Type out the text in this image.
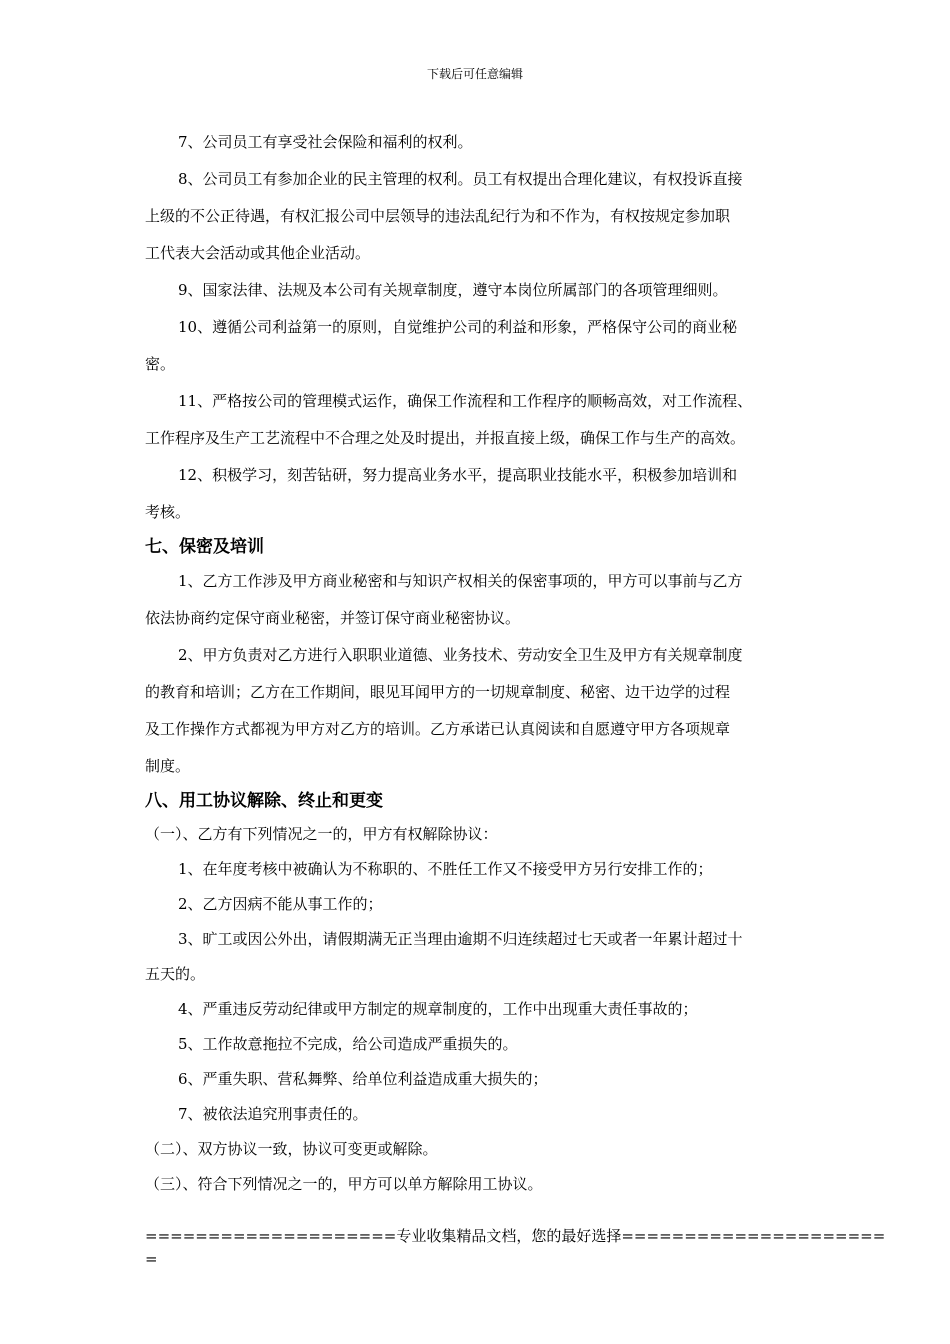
下载后可任意编辑

7、公司员工有享受社会保险和福利的权利。

8、公司员工有参加企业的民主管理的权利。员工有权提出合理化建议，有权投诉直接

上级的不公正待遇，有权汇报公司中层领导的违法乱纪行为和不作为，有权按规定参加职

工代表大会活动或其他企业活动。

9、国家法律、法规及本公司有关规章制度，遵守本岗位所属部门的各项管理细则。

10、遵循公司利益第一的原则，自觉维护公司的利益和形象，严格保守公司的商业秘

密。

11、严格按公司的管理模式运作，确保工作流程和工作程序的顺畅高效，对工作流程、

工作程序及生产工艺流程中不合理之处及时提出，并报直接上级，确保工作与生产的高效。

12、积极学习，刻苦钻研，努力提高业务水平，提高职业技能水平，积极参加培训和

考核。

七、保密及培训

1、乙方工作涉及甲方商业秘密和与知识产权相关的保密事项的，甲方可以事前与乙方

依法协商约定保守商业秘密，并签订保守商业秘密协议。

2、甲方负责对乙方进行入职职业道德、业务技术、劳动安全卫生及甲方有关规章制度

的教育和培训；乙方在工作期间，眼见耳闻甲方的一切规章制度、秘密、边干边学的过程

及工作操作方式都视为甲方对乙方的培训。乙方承诺已认真阅读和自愿遵守甲方各项规章

制度。

八、用工协议解除、终止和更变

（一）、乙方有下列情况之一的，甲方有权解除协议：

1、在年度考核中被确认为不称职的、不胜任工作又不接受甲方另行安排工作的；

2、乙方因病不能从事工作的；

3、旷工或因公外出，请假期满无正当理由逾期不归连续超过七天或者一年累计超过十

五天的。

4、严重违反劳动纪律或甲方制定的规章制度的，工作中出现重大责任事故的；

5、工作故意拖拉不完成，给公司造成严重损失的。

6、严重失职、营私舞弊、给单位利益造成重大损失的；

7、被依法追究刑事责任的。

（二）、双方协议一致，协议可变更或解除。

（三）、符合下列情况之一的，甲方可以单方解除用工协议。

====================专业收集精品文档，您的最好选择=====================
=
